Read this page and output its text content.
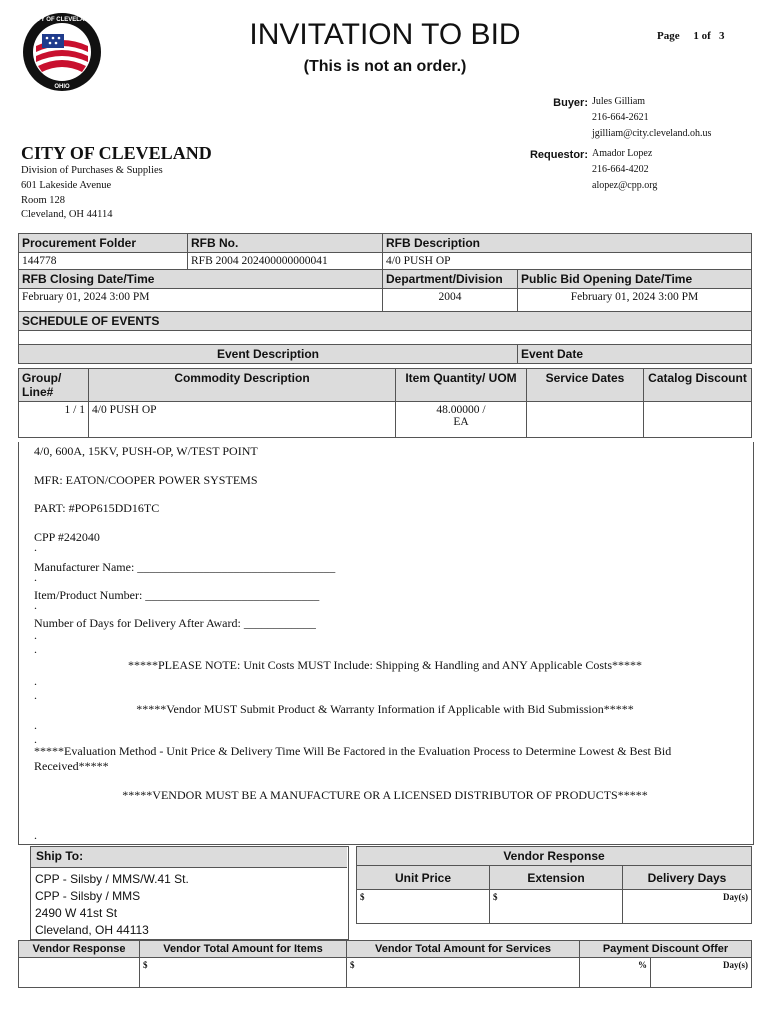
CITY OF CLEVELAND
OHIO
INVITATION TO BID
(This is not an order.)
Page 1 of 3
Buyer: Jules Gilliam
216-664-2621
jgilliam@city.cleveland.oh.us
Requestor: Amador Lopez
216-664-4202
alopez@cpp.org
CITY OF CLEVELAND
Division of Purchases & Supplies
601 Lakeside Avenue
Room 128
Cleveland, OH 44114
Procurement Folder	RFB No.	RFB Description	
144778	RFB 2004 202400000000041	4/0 PUSH OP	
RFB Closing Date/Time		Department/Division	Public Bid Opening Date/Time
February 01, 2024 3:00 PM		2004	February 01, 2024 3:00 PM
SCHEDULE OF EVENTS			

Event Description			Event Date
Group/ Line#	Commodity Description	Item Quantity/ UOM	Service Dates	Catalog Discount
1 / 1	4/0 PUSH OP	48.00000 /
EA		

4/0, 600A, 15KV, PUSH-OP, W/TEST POINT
MFR: EATON/COOPER POWER SYSTEMS
PART: #POP615DD16TC
CPP #242040
.
Manufacturer Name: _________________________________
.
Item/Product Number: _____________________________
.
Number of Days for Delivery After Award: ____________
.
.
*****PLEASE NOTE: Unit Costs MUST Include: Shipping & Handling and ANY Applicable Costs*****
.
.
*****Vendor MUST Submit Product & Warranty Information if Applicable with Bid Submission*****
.
.
*****Evaluation Method - Unit Price & Delivery Time Will Be Factored in the Evaluation Process to Determine Lowest & Best Bid Received*****
*****VENDOR MUST BE A MANUFACTURE OR A LICENSED DISTRIBUTOR OF PRODUCTS*****
.
Ship To:
CPP - Silsby / MMS/W.41 St.
CPP - Silsby / MMS
2490 W 41st St
Cleveland, OH 44113
Vendor Response		
Unit Price	Extension	Delivery Days
$	$	Day(s)
Vendor Response	Vendor Total Amount for Items	Vendor Total Amount for Services	Payment Discount Offer	
	$	$	%	Day(s)
